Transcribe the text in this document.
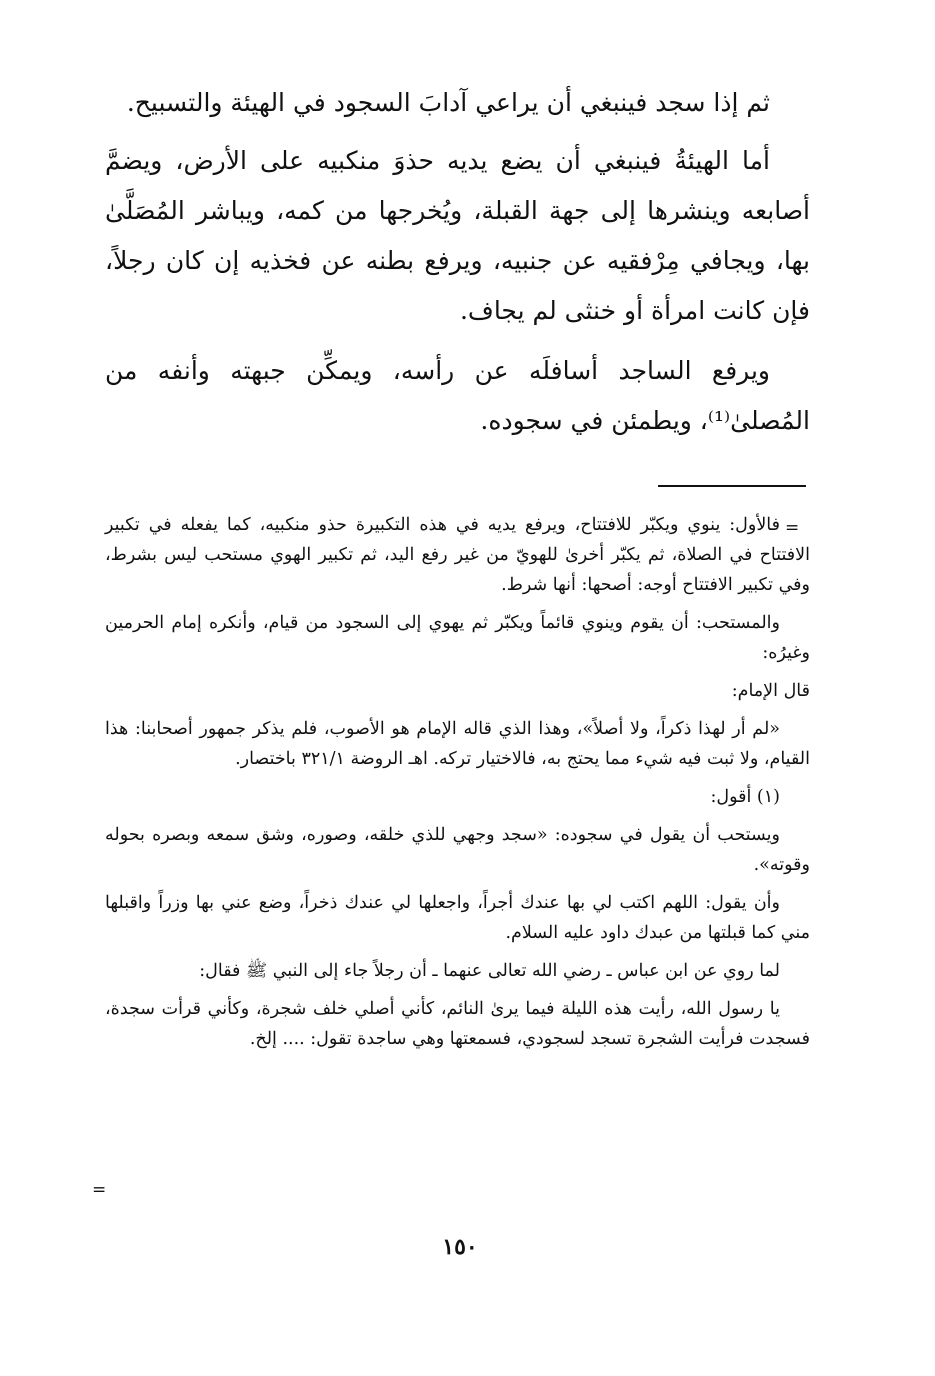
ثم إذا سجد فينبغي أن يراعي آدابَ السجود في الهيئة والتسبيح.

أما الهيئةُ فينبغي أن يضع يديه حذوَ منكبيه على الأرض، ويضمَّ أصابعه وينشرها إلى جهة القبلة، ويُخرجها من كمه، ويباشر المُصَلَّىٰ بها، ويجافي مِرْفقيه عن جنبيه، ويرفع بطنه عن فخذيه إن كان رجلاً، فإن كانت امرأة أو خنثى لم يجاف.

ويرفع الساجد أسافلَه عن رأسه، ويمكِّن جبهته وأنفه من المُصلىٰ⁽¹⁾، ويطمئن في سجوده.

=

فالأول: ينوي ويكبّر للافتتاح، ويرفع يديه في هذه التكبيرة حذو منكبيه، كما يفعله في تكبير الافتتاح في الصلاة، ثم يكبّر أخرىٰ للهويّ من غير رفع اليد، ثم تكبير الهوي مستحب ليس بشرط، وفي تكبير الافتتاح أوجه: أصحها: أنها شرط.

والمستحب: أن يقوم وينوي قائماً ويكبّر ثم يهوي إلى السجود من قيام، وأنكره إمام الحرمين وغيرُه:

قال الإمام:

«لم أر لهذا ذكراً، ولا أصلاً»، وهذا الذي قاله الإمام هو الأصوب، فلم يذكر جمهور أصحابنا: هذا القيام، ولا ثبت فيه شيء مما يحتج به، فالاختيار تركه. اهـ الروضة ٣٢١/١ باختصار.

(١) أقول:

ويستحب أن يقول في سجوده: «سجد وجهي للذي خلقه، وصوره، وشق سمعه وبصره بحوله وقوته».

وأن يقول: اللهم اكتب لي بها عندك أجراً، واجعلها لي عندك ذخراً، وضع عني بها وزراً واقبلها مني كما قبلتها من عبدك داود عليه السلام.

لما روي عن ابن عباس ـ رضي الله تعالى عنهما ـ أن رجلاً جاء إلى النبي ﷺ فقال:

يا رسول الله، رأيت هذه الليلة فيما يرىٰ النائم، كأني أصلي خلف شجرة، وكأني قرأت سجدة، فسجدت فرأيت الشجرة تسجد لسجودي، فسمعتها وهي ساجدة تقول: .... إلخ.

=
١٥٠
